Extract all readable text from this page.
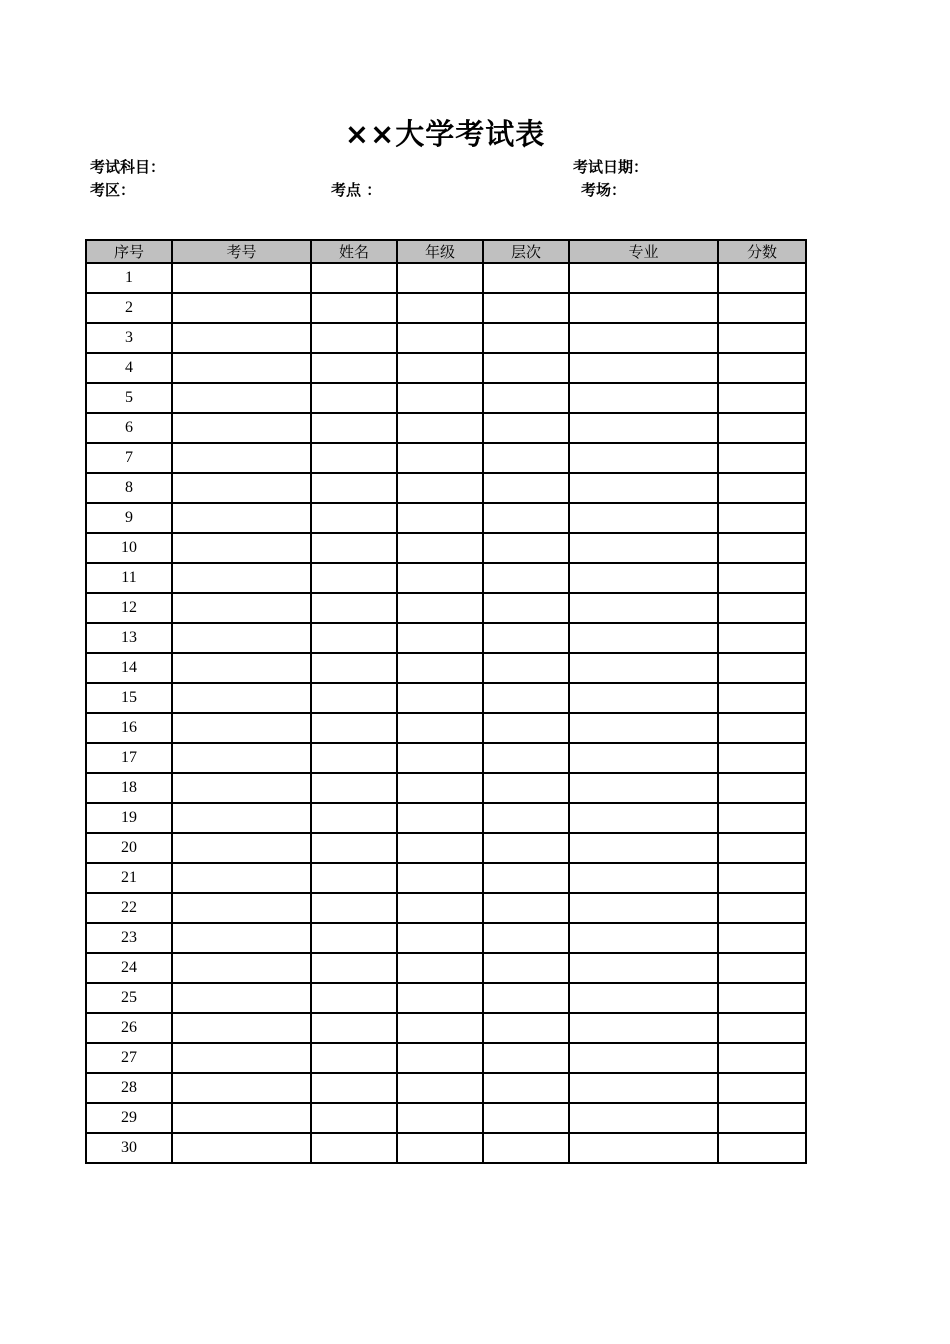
××大学考试表
考试科目：	考试日期：
考区：	考点 ：	考场：
序号	考号	姓名	年级	层次	专业	分数
1						
2						
3						
4						
5						
6						
7						
8						
9						
10						
11						
12						
13						
14						
15						
16						
17						
18						
19						
20						
21						
22						
23						
24						
25						
26						
27						
28						
29						
30						
